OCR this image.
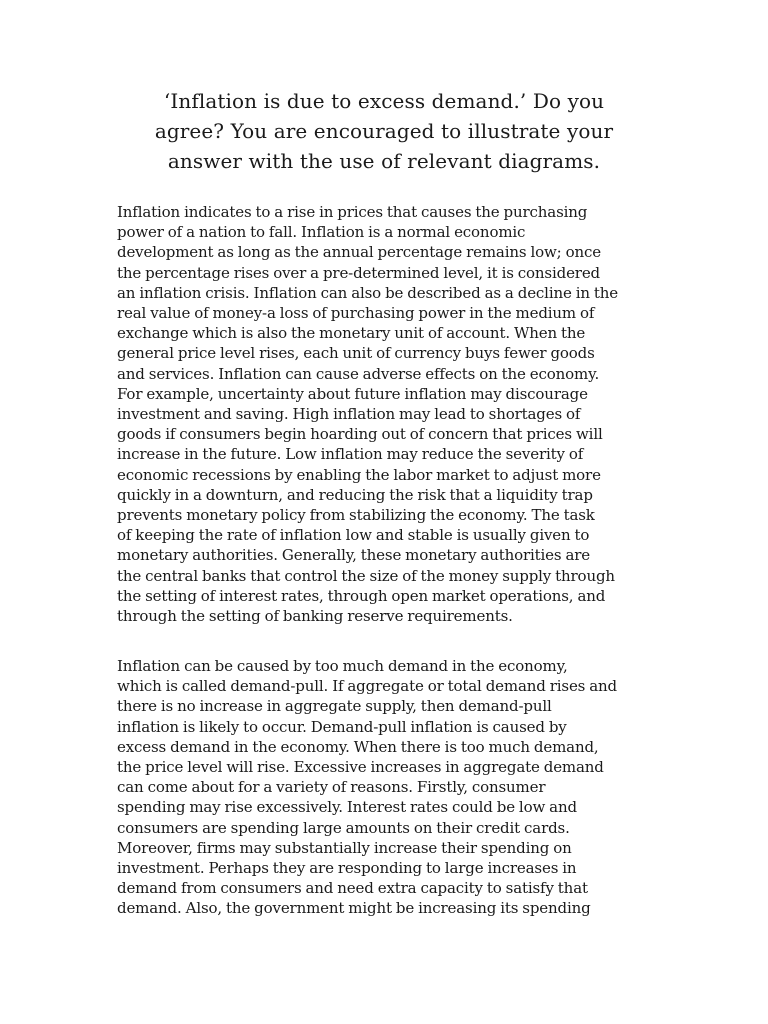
‘Inflation is due to excess demand.’ Do you
agree? You are encouraged to illustrate your
answer with the use of relevant diagrams.

Inflation indicates to a rise in prices that causes the purchasing
power of a nation to fall. Inflation is a normal economic
development as long as the annual percentage remains low; once
the percentage rises over a pre-determined level, it is considered
an inflation crisis. Inflation can also be described as a decline in the
real value of money-a loss of purchasing power in the medium of
exchange which is also the monetary unit of account. When the
general price level rises, each unit of currency buys fewer goods
and services. Inflation can cause adverse effects on the economy.
For example, uncertainty about future inflation may discourage
investment and saving. High inflation may lead to shortages of
goods if consumers begin hoarding out of concern that prices will
increase in the future. Low inflation may reduce the severity of
economic recessions by enabling the labor market to adjust more
quickly in a downturn, and reducing the risk that a liquidity trap
prevents monetary policy from stabilizing the economy. The task
of keeping the rate of inflation low and stable is usually given to
monetary authorities. Generally, these monetary authorities are
the central banks that control the size of the money supply through
the setting of interest rates, through open market operations, and
through the setting of banking reserve requirements.

Inflation can be caused by too much demand in the economy,
which is called demand-pull. If aggregate or total demand rises and
there is no increase in aggregate supply, then demand-pull
inflation is likely to occur. Demand-pull inflation is caused by
excess demand in the economy. When there is too much demand,
the price level will rise. Excessive increases in aggregate demand
can come about for a variety of reasons. Firstly, consumer
spending may rise excessively. Interest rates could be low and
consumers are spending large amounts on their credit cards.
Moreover, firms may substantially increase their spending on
investment. Perhaps they are responding to large increases in
demand from consumers and need extra capacity to satisfy that
demand. Also, the government might be increasing its spending
